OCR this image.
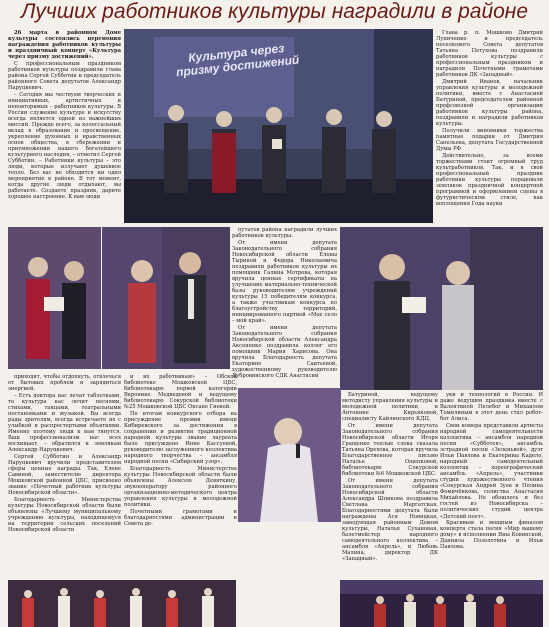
Лучших работников культуры наградили в районе

26 марта в районном Доме культуры состоялись церемония награждения работников культуры и праздничный концерт «Культура через призму достижений».

С профессиональным праздником работников культуры поздравили глава района Сергей Субботин и председатель районного Совета депутатов Александр Наруцкевич.

– Сегодня мы чествуем творческих и инициативных, артистичных и неповторимых – работников культуры. В России служение культуре и искусству всегда является одной из важнейших миссий. Прежде всего, за колоссальный вклад в образование и просвещение, укрепление духовных и нравственных основ общества, в сбережении и приумножении нашего богатейшего культурного наследия, – отметил Сергей Субботин. – Работники культуры – это люди, которые излучают душевное тепло. Без вас не обходится ни одно мероприятие в районе. В тот момент, когда другие люди отдыхают, вы работаете. Создаете праздник, дарите хорошее настроение. К вам люди

Культура через призму достижений

Глава р. п. Мошково Дмитрий Лупиченко и председатель поселкового Совета депутатов Татьяна Петухова поздравили работников культуры с профессиональным праздником и наградили Почетными грамотами работников ДК «Западный».

Дмитрий Иванов, начальник управления культуры и молодежной политики, вместе с Анастасией Батуриной, председателем районной профсоюзной организации работников культуры района, поздравили и наградили работников культуры.

Получили виновники торжества памятные подарки от Дмитрия Сапельева, депутата Государственной Думы РФ.

Действительно, за всеми торжествами стоит огромный труд культработников. Так, и в свой профессиональный праздник работники культуры порадовали земляков праздничной концертной программой и оформлением сцены в футуристическом стиле, как воплощения Года науки

путатов района наградили лучших работников культуры.

От имени депутата Законодательного собрания Новосибирской области Елены Тыриной и Федора Николаевича поздравили работников культуры их помощник Галина Мотрова, которая вручила ценные сертификаты на улучшение материально-технической базы руководителям учреждений культуры 15 победителям конкурса, а также участникам конкурса по благоустройству территорий, инициированного партией «Мое село – мой край».

От имени депутата Законодательного собрания Новосибирской области Александра Аксененко поздравила коллег его помощник Мария Харисова. Она вручила Благодарность депутата Екатерине Саитьевой, художественному руководителю Дубровинского СДК Анастасии

приходят, чтобы отдохнуть, отвлечься от бытовых проблем и зарядиться энергией.

– Есть доктора нас лечат таблетками, то культура нас лечит песнями, стихами, танцами, театральными постановками и музыкой. Вы всегда рады зрителям, всегда встречаете их с улыбкой и распростертыми объятиями. Именно поэтому люди к вам тянутся. Ваш профессионализм нас всех восхищает, – обратился к землякам Александр Наруцкевич.

Сергей Субботин и Александр Наруцкевич вручили представителям сферы ценные награды. Так, Елене Савиной, заместителю директора Мошковской районной ЦБС, присвоено звание «Почетный работник культуры Новосибирской области».

Благодарность Министерства культуры Новосибирской области были объявлены «Лучшему муниципальному учреждению культуры, находящемуся на территории сельских поселений Новосибирской области

и их работникам» – Обской библиотеке Мошковской ЦБС, библиотекарю первой категории Веронике Медведевой и ведущему библиотекарю Сокурской библиотеки №25 Мошковской ЦБС Оксане Гиевой.

По итогам конкурсного отбора на присуждение премии имени Кибиревского за достижения в сохранении и развитии традиционной народной культуры звание лауреата было присуждено Инне Кассуевой, руководителю заслуженного коллектива народного творчества – ансамбля народной песни «Сибирский узор».

Благодарность Министерства культуры Новосибирской области были объявлены Алексею Девяткину, звукооператору районного организационно-методического центра управления культуры и молодежной политики.

Почетными грамотами и благодарностями администрации и Совета де-

Батуриной, ведущему методисту управления культуры и молодежной политики, и Антонине Кирьяновой, специалисту Кайлинского КДЦ.

От имени депутата Законодательного собрания Новосибирской области Игоря Гращенко теплые слова сказала Татьяна Орехова, которая вручила Благодарственное письмо Наталье Ощепковой, библиотекарю Сокурской библиотеки №6 Мошковской ЦБС.

От имени депутата Законодательного собрания Новосибирской области Александра Шпикова поздравила Светлана Маргатская. Благодарностями депутата были награждены Ася Новицкая, заведующая районным Домом культуры, Наталья Сухановая, балетмейстер народного самодеятельного коллектива – ансамбля «Апрель», и Любовь Малина, директор ДК «Западный».

уки и технологий в России. И даже ведущим праздника вместе с Валентиной Пелебог и Михаилом Томилиным в этот день стал робот-бот Алиса.

Свои номера представили артисты народной самодеятельности коллектива – ансамбля народной песни «Субботея», ансамбль эстрадной песни «Зеленьвей», дуэт Ильи Павлова и Екатерины Кадело, народный самодеятельный коллектив – хореографический ансамбль «Апрель», участники студии художественного чтения «Сокурская Андрей Зуев и Полина Фомичёнкова, солистка Анастасия Михайлова. Не обошлось и без гостей из Новосибирска – политических студий центра «Детский поет».

Красивым и мощным финалом концерта стала песня «Мир вашему дому» в исполнении Яны Ковинской, Даниила Позолотина и Ильи Павлова.
